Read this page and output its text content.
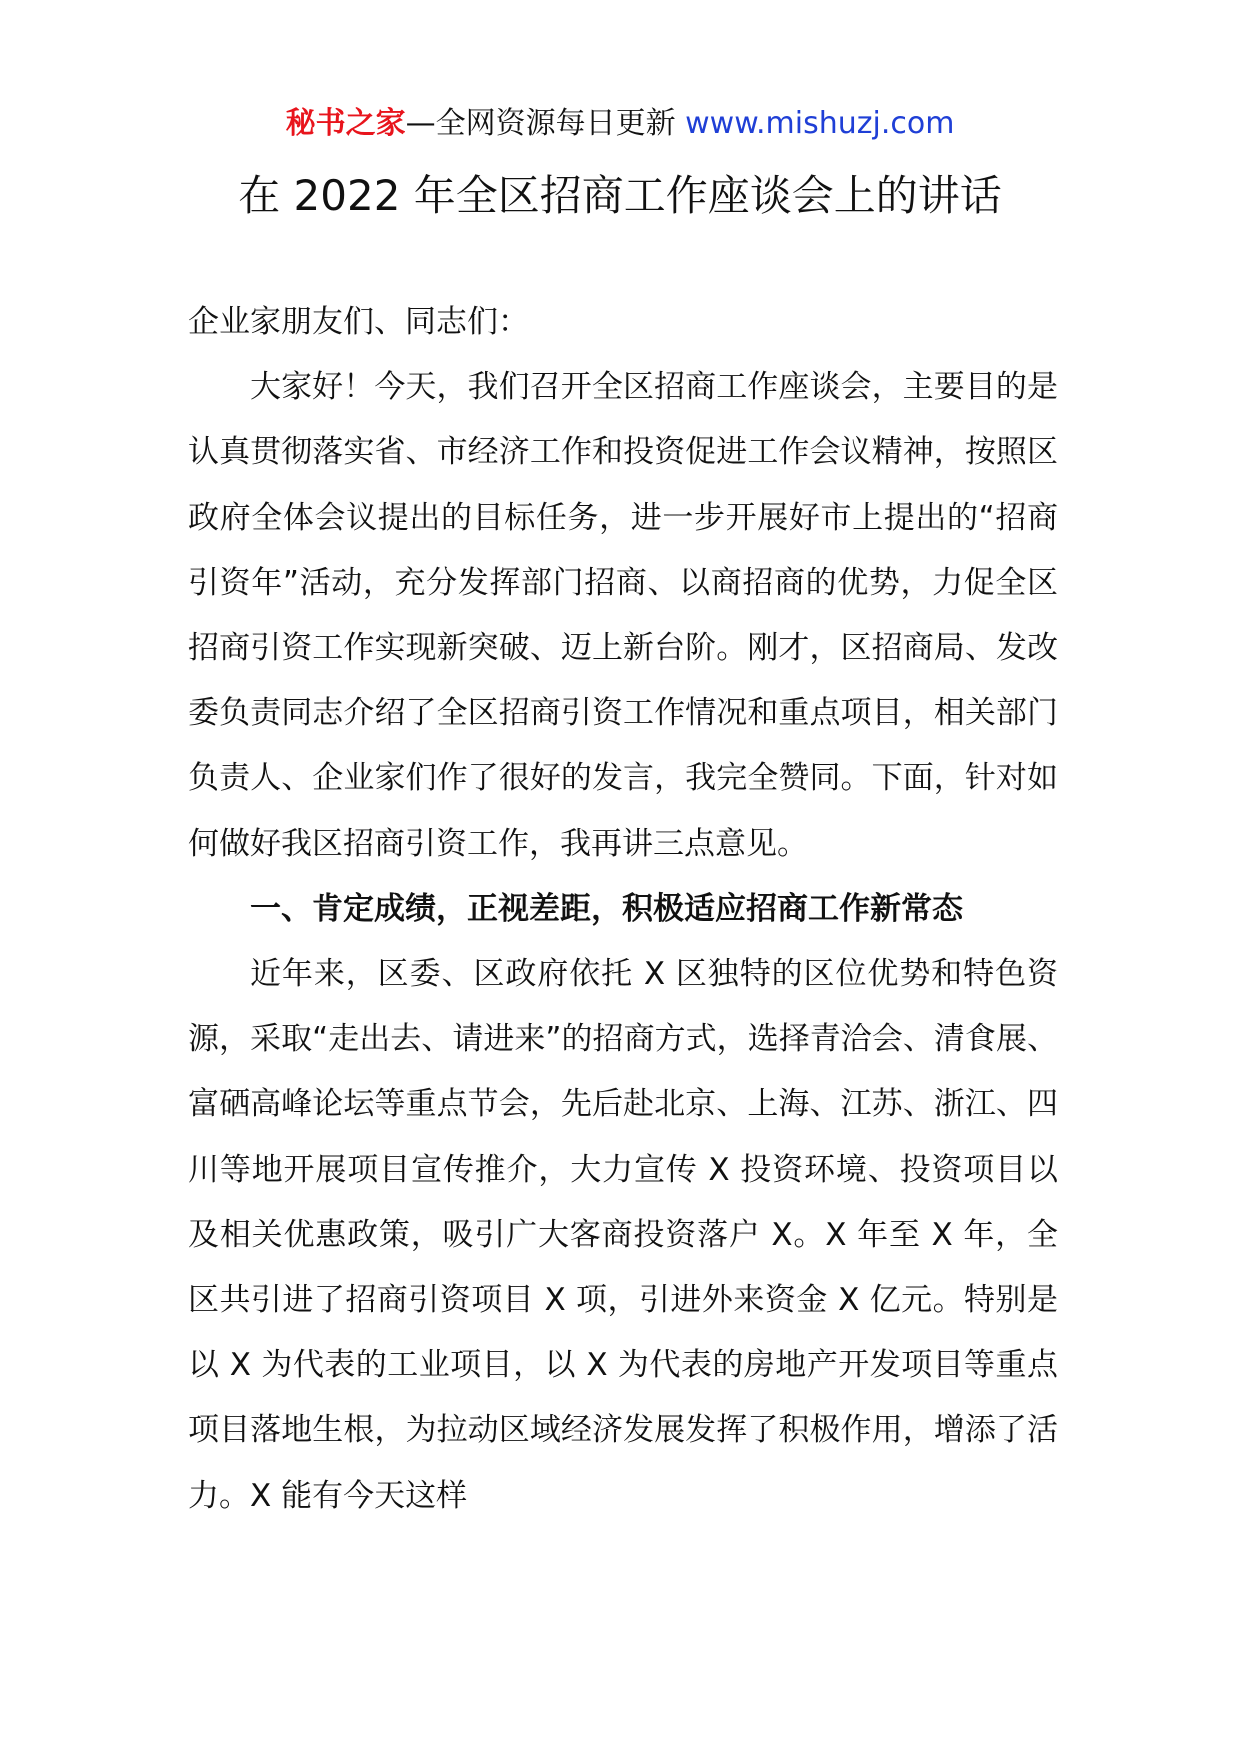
秘书之家—全网资源每日更新 www.mishuzj.com
在 2022 年全区招商工作座谈会上的讲话

企业家朋友们、同志们：

大家好！今天，我们召开全区招商工作座谈会，主要目的是认真贯彻落实省、市经济工作和投资促进工作会议精神，按照区政府全体会议提出的目标任务，进一步开展好市上提出的“招商引资年”活动，充分发挥部门招商、以商招商的优势，力促全区招商引资工作实现新突破、迈上新台阶。刚才，区招商局、发改委负责同志介绍了全区招商引资工作情况和重点项目，相关部门负责人、企业家们作了很好的发言，我完全赞同。下面，针对如何做好我区招商引资工作，我再讲三点意见。

一、肯定成绩，正视差距，积极适应招商工作新常态

近年来，区委、区政府依托 X 区独特的区位优势和特色资源，采取“走出去、请进来”的招商方式，选择青洽会、清食展、富硒高峰论坛等重点节会，先后赴北京、上海、江苏、浙江、四川等地开展项目宣传推介，大力宣传 X 投资环境、投资项目以及相关优惠政策，吸引广大客商投资落户 X。X 年至 X 年，全区共引进了招商引资项目 X 项，引进外来资金 X 亿元。特别是以 X 为代表的工业项目，以 X 为代表的房地产开发项目等重点项目落地生根，为拉动区域经济发展发挥了积极作用，增添了活力。X 能有今天这样
